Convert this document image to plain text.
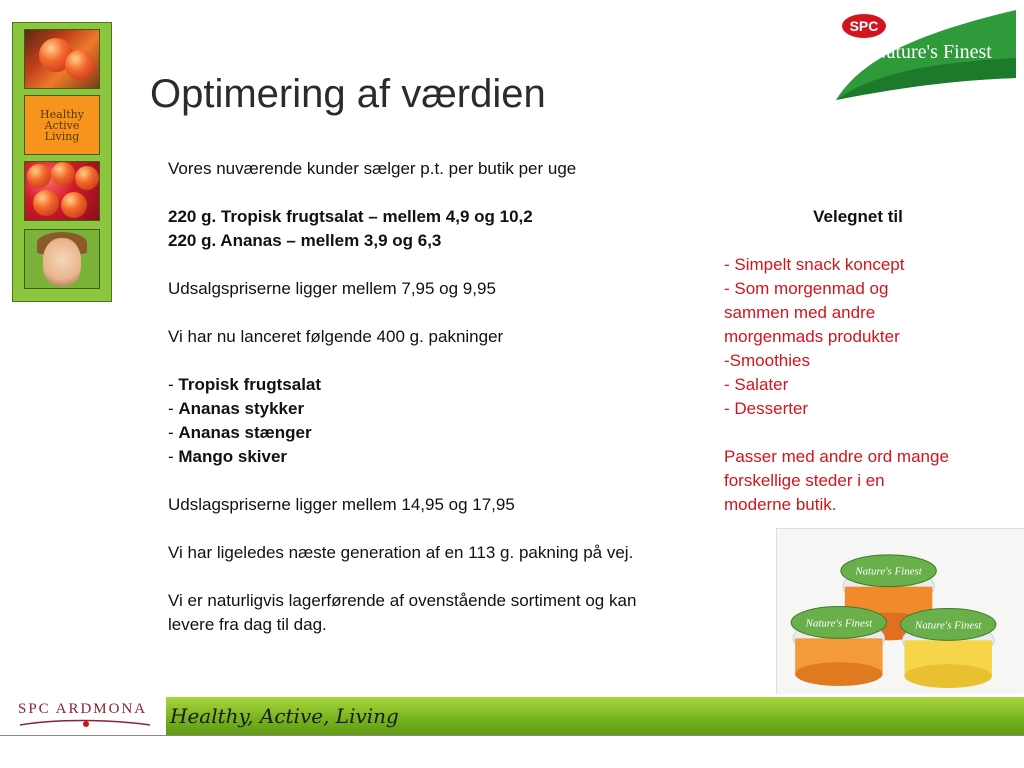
Healthy
Active
Living
Optimering af værdien
SPC
Nature's Finest

Vores nuværende kunder sælger p.t. per butik per uge

220 g. Tropisk frugtsalat – mellem 4,9 og 10,2

220 g. Ananas – mellem 3,9 og 6,3

Udsalgspriserne ligger mellem 7,95 og 9,95

Vi har nu lanceret følgende 400 g. pakninger

- Tropisk frugtsalat

- Ananas stykker

- Ananas stænger

- Mango skiver

Udslagspriserne ligger mellem 14,95 og 17,95

Vi har ligeledes næste generation af en 113 g. pakning på vej.

Vi er naturligvis lagerførende af ovenstående sortiment og kan

levere fra dag til dag.

Velegnet til

- Simpelt snack koncept

- Som morgenmad og

sammen med andre

morgenmads produkter

-Smoothies

- Salater

- Desserter

Passer med andre ord mange

forskellige steder i en

moderne butik.

Nature's Finest
Nature's Finest	Nature's Finest
SPC ARDMONA Healthy, Active, Living
